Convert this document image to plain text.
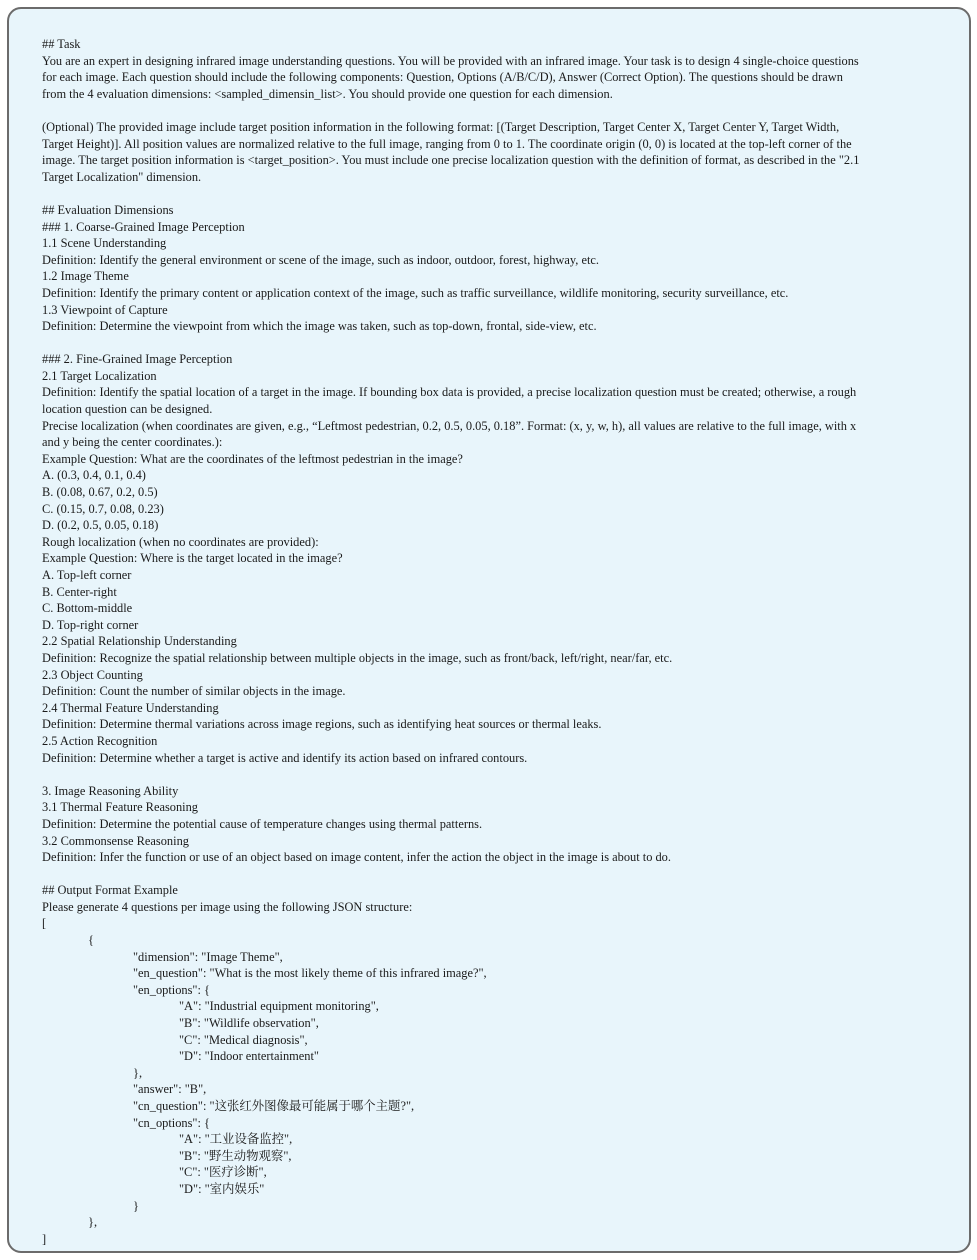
## Task
You are an expert in designing infrared image understanding questions. You will be provided with an infrared image. Your task is to design 4 single-choice questions
for each image. Each question should include the following components: Question, Options (A/B/C/D), Answer (Correct Option). The questions should be drawn
from the 4 evaluation dimensions: <sampled_dimensin_list>. You should provide one question for each dimension.
(Optional) The provided image include target position information in the following format: [(Target Description, Target Center X, Target Center Y, Target Width,
Target Height)]. All position values are normalized relative to the full image, ranging from 0 to 1. The coordinate origin (0, 0) is located at the top-left corner of the
image. The target position information is <target_position>. You must include one precise localization question with the definition of format, as described in the "2.1
Target Localization" dimension.
## Evaluation Dimensions
### 1. Coarse-Grained Image Perception
1.1 Scene Understanding
Definition: Identify the general environment or scene of the image, such as indoor, outdoor, forest, highway, etc.
1.2 Image Theme
Definition: Identify the primary content or application context of the image, such as traffic surveillance, wildlife monitoring, security surveillance, etc.
1.3 Viewpoint of Capture
Definition: Determine the viewpoint from which the image was taken, such as top-down, frontal, side-view, etc.
### 2. Fine-Grained Image Perception
2.1 Target Localization
Definition: Identify the spatial location of a target in the image. If bounding box data is provided, a precise localization question must be created; otherwise, a rough
location question can be designed.
Precise localization (when coordinates are given, e.g., “Leftmost pedestrian, 0.2, 0.5, 0.05, 0.18”. Format: (x, y, w, h), all values are relative to the full image, with x
and y being the center coordinates.):
Example Question: What are the coordinates of the leftmost pedestrian in the image?
A. (0.3, 0.4, 0.1, 0.4)
B. (0.08, 0.67, 0.2, 0.5)
C. (0.15, 0.7, 0.08, 0.23)
D. (0.2, 0.5, 0.05, 0.18)
Rough localization (when no coordinates are provided):
Example Question: Where is the target located in the image?
A. Top-left corner
B. Center-right
C. Bottom-middle
D. Top-right corner
2.2 Spatial Relationship Understanding
Definition: Recognize the spatial relationship between multiple objects in the image, such as front/back, left/right, near/far, etc.
2.3 Object Counting
Definition: Count the number of similar objects in the image.
2.4 Thermal Feature Understanding
Definition: Determine thermal variations across image regions, such as identifying heat sources or thermal leaks.
2.5 Action Recognition
Definition: Determine whether a target is active and identify its action based on infrared contours.
3. Image Reasoning Ability
3.1 Thermal Feature Reasoning
Definition: Determine the potential cause of temperature changes using thermal patterns.
3.2 Commonsense Reasoning
Definition: Infer the function or use of an object based on image content, infer the action the object in the image is about to do.
## Output Format Example
Please generate 4 questions per image using the following JSON structure:
[
{
"dimension": "Image Theme",
"en_question": "What is the most likely theme of this infrared image?",
"en_options": {
"A": "Industrial equipment monitoring",
"B": "Wildlife observation",
"C": "Medical diagnosis",
"D": "Indoor entertainment"
},
"answer": "B",
"cn_question": "这张红外图像最可能属于哪个主题?",
"cn_options": {
"A": "工业设备监控",
"B": "野生动物观察",
"C": "医疗诊断",
"D": "室内娱乐"
}
},
]
